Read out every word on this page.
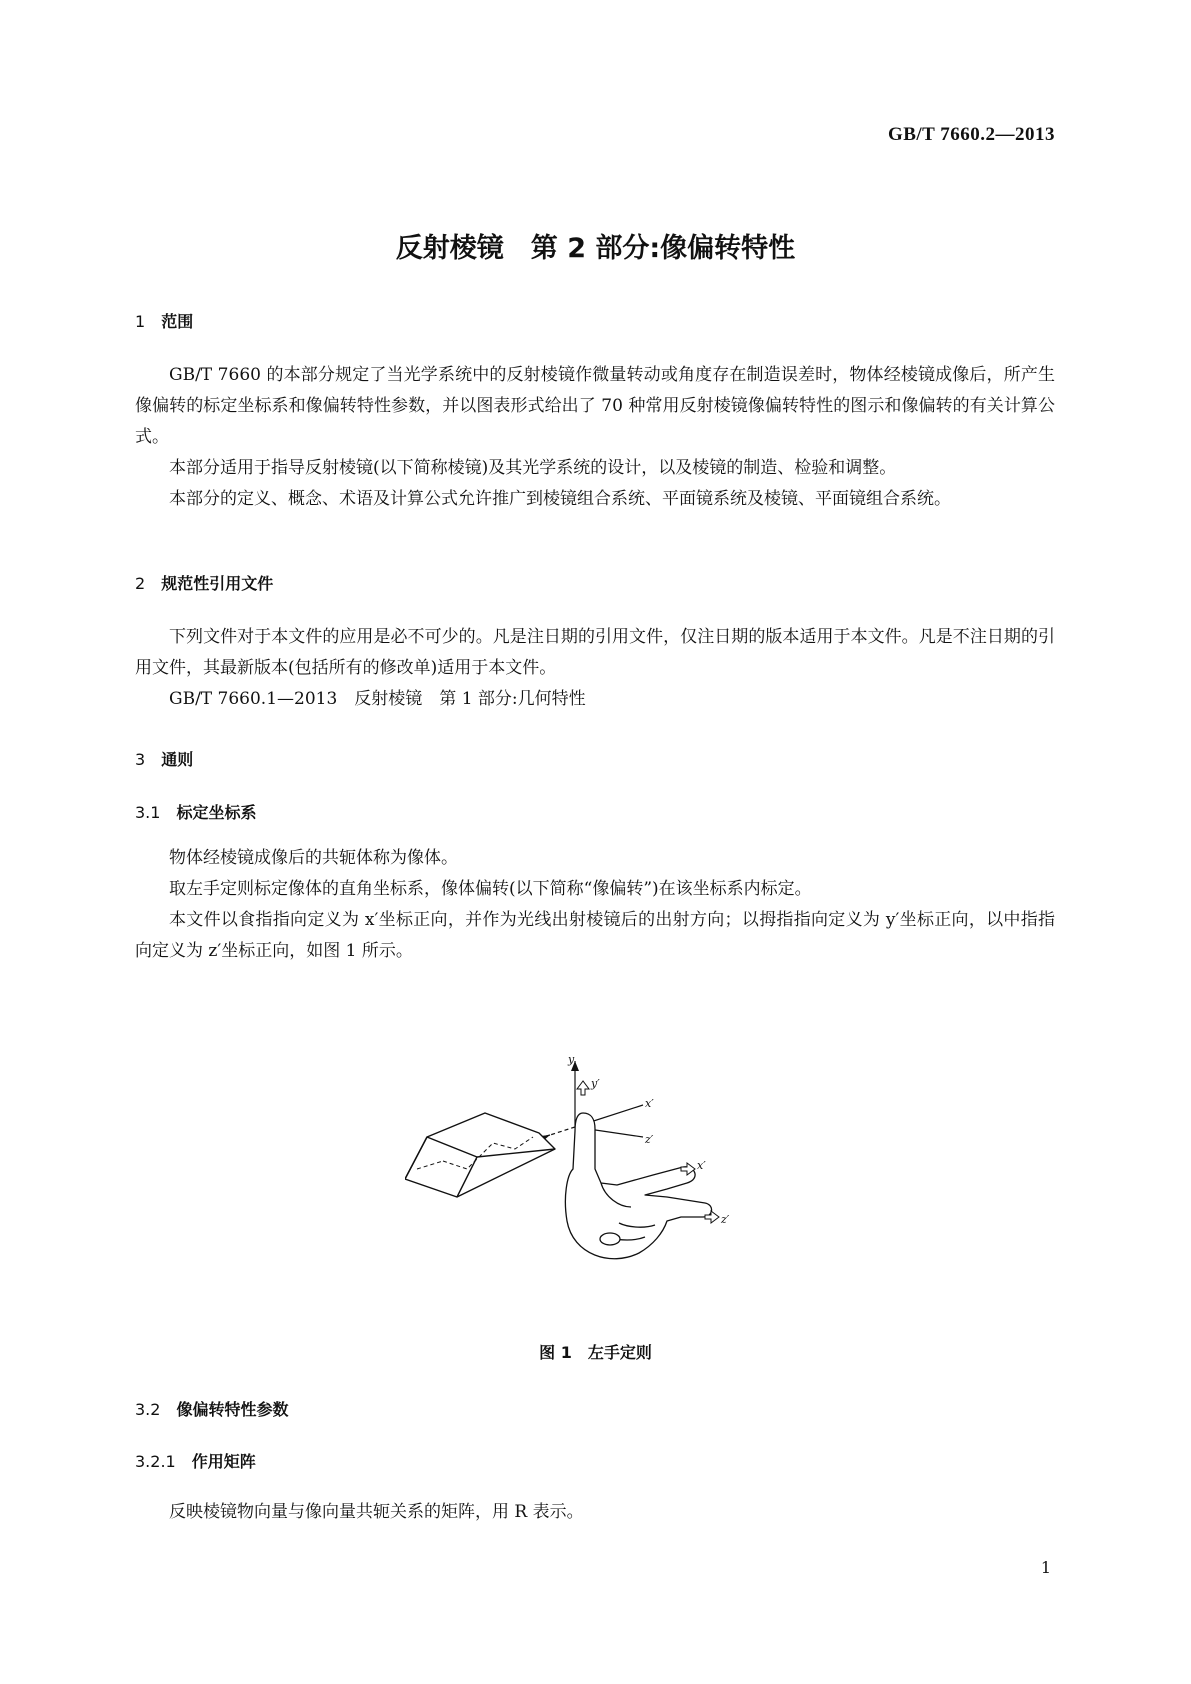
GB/T 7660.2—2013
反射棱镜　第 2 部分:像偏转特性
1　 范围
GB/T 7660 的本部分规定了当光学系统中的反射棱镜作微量转动或角度存在制造误差时，物体经棱镜成像后，所产生像偏转的标定坐标系和像偏转特性参数，并以图表形式给出了 70 种常用反射棱镜像偏转特性的图示和像偏转的有关计算公式。
本部分适用于指导反射棱镜(以下简称棱镜)及其光学系统的设计，以及棱镜的制造、检验和调整。
本部分的定义、概念、术语及计算公式允许推广到棱镜组合系统、平面镜系统及棱镜、平面镜组合系统。
2　 规范性引用文件
下列文件对于本文件的应用是必不可少的。凡是注日期的引用文件，仅注日期的版本适用于本文件。凡是不注日期的引用文件，其最新版本(包括所有的修改单)适用于本文件。
GB/T 7660.1—2013　反射棱镜　第 1 部分:几何特性
3　 通则
3.1　 标定坐标系
物体经棱镜成像后的共轭体称为像体。
取左手定则标定像体的直角坐标系，像体偏转(以下简称“像偏转”)在该坐标系内标定。
本文件以食指指向定义为 x′坐标正向，并作为光线出射棱镜后的出射方向；以拇指指向定义为 y′坐标正向，以中指指向定义为 z′坐标正向，如图 1 所示。
y′
x′
z′
y′
x′
z′
图 1　左手定则
3.2　 像偏转特性参数
3.2.1　 作用矩阵
反映棱镜物向量与像向量共轭关系的矩阵，用 R 表示。
1
